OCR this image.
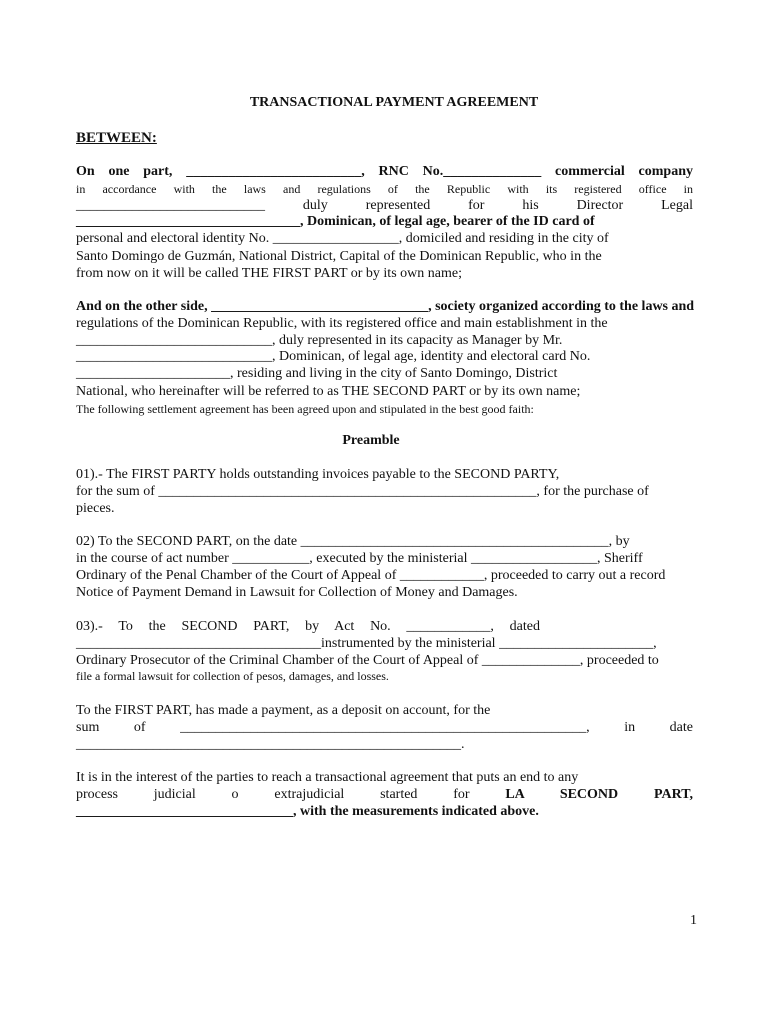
TRANSACTIONAL PAYMENT AGREEMENT
BETWEEN:
On one part, _________________________, RNC No.______________ commercial company
in accordance with the laws and regulations of the Republic with its registered office in
___________________________ duly represented for his Director Legal
________________________________, Dominican, of legal age, bearer of the ID card of
personal and electoral identity No. __________________, domiciled and residing in the city of
Santo Domingo de Guzmán, National District, Capital of the Dominican Republic, who in the
from now on it will be called THE FIRST PART or by its own name;
And on the other side, _______________________________, society organized according to the laws and
regulations of the Dominican Republic, with its registered office and main establishment in the
____________________________, duly represented in its capacity as Manager by Mr.
____________________________, Dominican, of legal age, identity and electoral card No.
______________________, residing and living in the city of Santo Domingo, District
National, who hereinafter will be referred to as THE SECOND PART or by its own name;
The following settlement agreement has been agreed upon and stipulated in the best good faith:
Preamble
01).- The FIRST PARTY holds outstanding invoices payable to the SECOND PARTY,
for the sum of ______________________________________________________, for the purchase of
pieces.
02) To the SECOND PART, on the date ____________________________________________, by
in the course of act number ___________, executed by the ministerial __________________, Sheriff
Ordinary of the Penal Chamber of the Court of Appeal of ____________, proceeded to carry out a record
Notice of Payment Demand in Lawsuit for Collection of Money and Damages.
03).- To the SECOND PART, by Act No. ____________, dated
___________________________________instrumented by the ministerial ______________________,
Ordinary Prosecutor of the Criminal Chamber of the Court of Appeal of ______________, proceeded to
file a formal lawsuit for collection of pesos, damages, and losses.
To the FIRST PART, has made a payment, as a deposit on account, for the
sum of __________________________________________________________, in date
_______________________________________________________.
It is in the interest of the parties to reach a transactional agreement that puts an end to any
process judicial o extrajudicial started for LA SECOND PART,
_______________________________, with the measurements indicated above.
1
